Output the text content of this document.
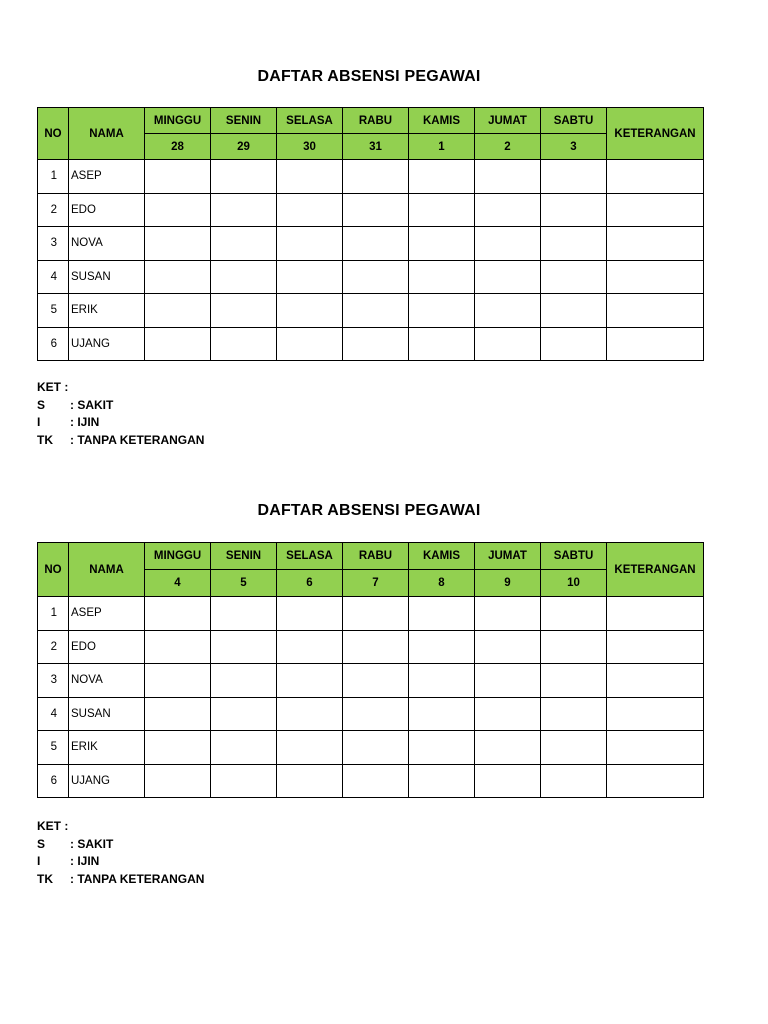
DAFTAR ABSENSI PEGAWAI
NO	NAMA	MINGGU	SENIN	SELASA	RABU	KAMIS	JUMAT	SABTU	KETERANGAN
		28	29	30	31	1	2	3	
1	ASEP								
2	EDO								
3	NOVA								
4	SUSAN								
5	ERIK								
6	UJANG								
KET :
S	: SAKIT
I	: IJIN
TK	: TANPA KETERANGAN
DAFTAR ABSENSI PEGAWAI
NO	NAMA	MINGGU	SENIN	SELASA	RABU	KAMIS	JUMAT	SABTU	KETERANGAN
		4	5	6	7	8	9	10	
1	ASEP								
2	EDO								
3	NOVA								
4	SUSAN								
5	ERIK								
6	UJANG								
KET :
S	: SAKIT
I	: IJIN
TK	: TANPA KETERANGAN
